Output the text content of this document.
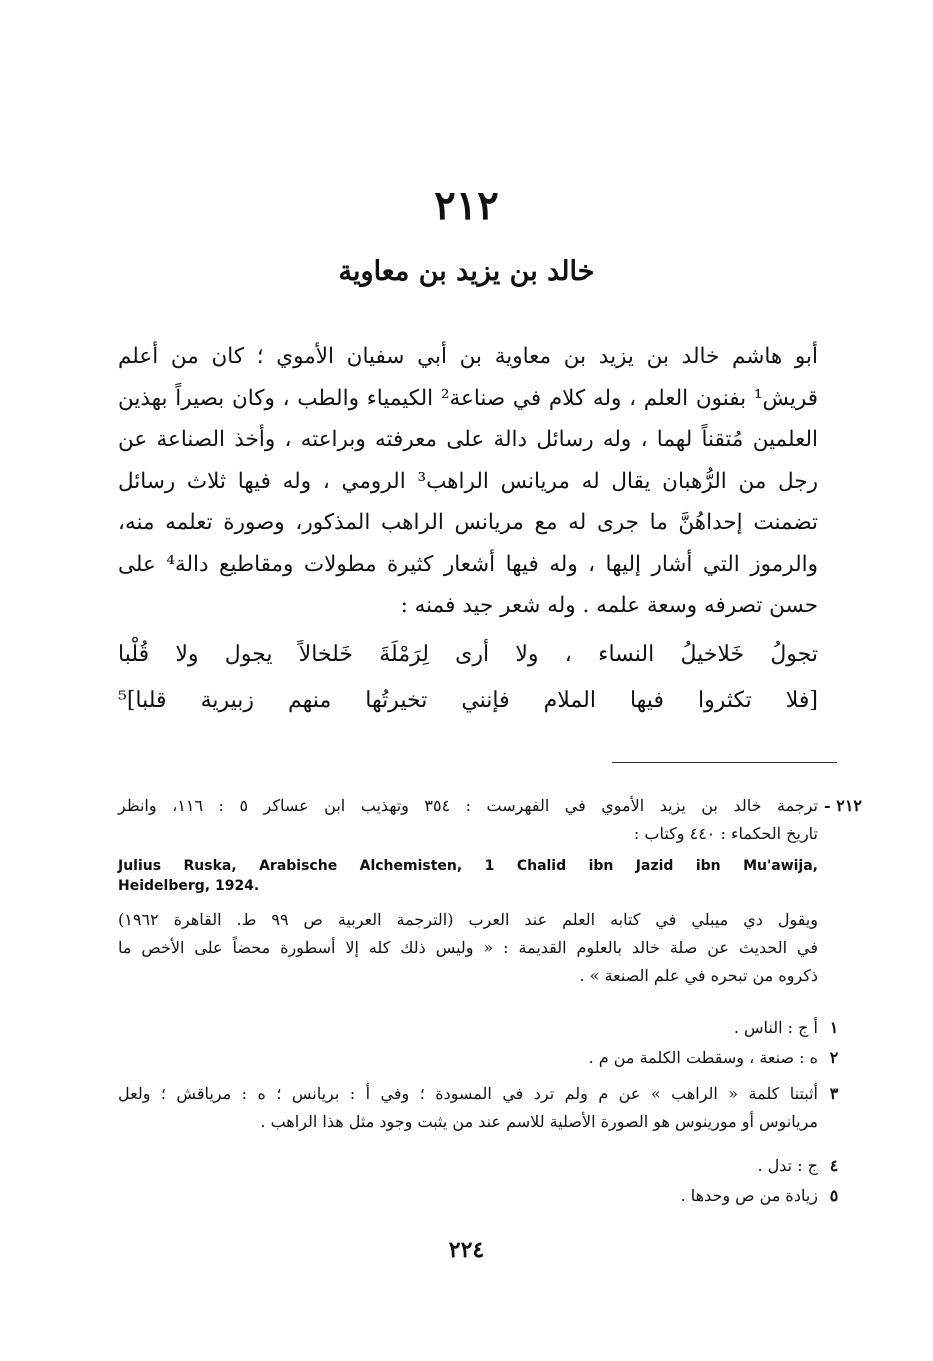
٢١٢
خالد بن يزيد بن معاوية
أبو هاشم خالد بن يزيد بن معاوية بن أبي سفيان الأموي ؛ كان من أعلم
قريش¹ بفنون العلم ، وله كلام في صناعة² الكيمياء والطب ، وكان بصيراً بهذين
العلمين مُتقناً لهما ، وله رسائل دالة على معرفته وبراعته ، وأخذ الصناعة عن
رجل من الرُّهبان يقال له مريانس الراهب³ الرومي ، وله فيها ثلاث رسائل
تضمنت إحداهُنَّ ما جرى له مع مريانس الراهب المذكور، وصورة تعلمه منه،
والرموز التي أشار إليها ، وله فيها أشعار كثيرة مطولات ومقاطيع دالة⁴ على
حسن تصرفه وسعة علمه . وله شعر جيد فمنه :
تجولُ خَلاخيلُ النساء ، ولا أرى لِرَمْلَةَ خَلخالاً يجول ولا قُلْبا
[فلا تكثروا فيها الملام فإنني تخيرتُها منهم زبيرية قلبا]⁵
٢١٢ -
ترجمة خالد بن يزيد الأموي في الفهرست : ٣٥٤ وتهذيب ابن عساكر ٥ : ١١٦، وانظر
تاريخ الحكماء : ٤٤٠ وكتاب :
Julius Ruska, Arabische Alchemisten, 1 Chalid ibn Jazid ibn Mu'awija,
Heidelberg, 1924.
ويقول دي ميبلي في كتابه العلم عند العرب (الترجمة العربية ص ٩٩ ط. القاهرة ١٩٦٢)
في الحديث عن صلة خالد بالعلوم القديمة : « وليس ذلك كله إلا أسطورة محضاً على الأخص ما
ذكروه من تبحره في علم الصنعة » .
١
أ ج : الناس .
٢
ه : صنعة ، وسقطت الكلمة من م .
٣
أثبتنا كلمة « الراهب » عن م ولم ترد في المسودة ؛ وفي أ : بريانس ؛ ه : مرياقش ؛ ولعل
مريانوس أو مورينوس هو الصورة الأصلية للاسم عند من يثبت وجود مثل هذا الراهب .
٤
ج : تدل .
٥
زيادة من ص وحدها .
٢٢٤
